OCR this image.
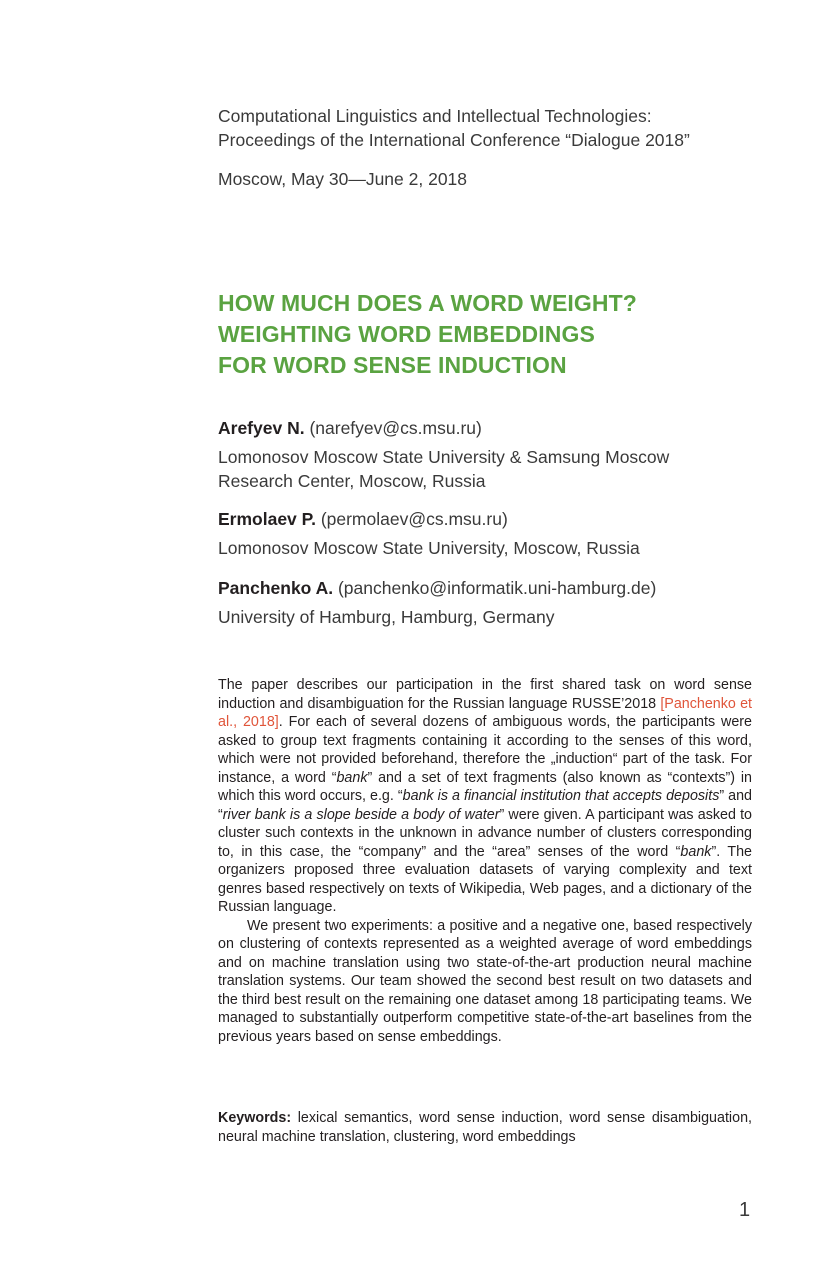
Computational Linguistics and Intellectual Technologies:
Proceedings of the International Conference “Dialogue 2018”
Moscow, May 30—June 2, 2018
HOW MUCH DOES A WORD WEIGHT?
WEIGHTING WORD EMBEDDINGS
FOR WORD SENSE INDUCTION
Arefyev N. (narefyev@cs.msu.ru)
Lomonosov Moscow State University & Samsung Moscow
Research Center, Moscow, Russia
Ermolaev P. (permolaev@cs.msu.ru)
Lomonosov Moscow State University, Moscow, Russia
Panchenko A. (panchenko@informatik.uni-hamburg.de)
University of Hamburg, Hamburg, Germany

The paper describes our participation in the first shared task on word sense induction and disambiguation for the Russian language RUSSE’2018 [Panchenko et al., 2018]. For each of several dozens of ambiguous words, the participants were asked to group text fragments containing it according to the senses of this word, which were not provided beforehand, therefore the „induction“ part of the task. For instance, a word “bank” and a set of text fragments (also known as “contexts”) in which this word occurs, e.g. “bank is a financial institution that accepts deposits” and “river bank is a slope beside a body of water” were given. A participant was asked to cluster such contexts in the unknown in advance number of clusters corresponding to, in this case, the “company” and the “area” senses of the word “bank”. The organizers proposed three evaluation datasets of varying complexity and text genres based respectively on texts of Wikipedia, Web pages, and a dictionary of the Russian language.

We present two experiments: a positive and a negative one, based respectively on clustering of contexts represented as a weighted average of word embeddings and on machine translation using two state-of-the-art production neural machine translation systems. Our team showed the second best result on two datasets and the third best result on the remaining one dataset among 18 participating teams. We managed to substantially outperform competitive state-of-the-art baselines from the previous years based on sense embeddings.

Keywords: lexical semantics, word sense induction, word sense disambiguation, neural machine translation, clustering, word embeddings
1
